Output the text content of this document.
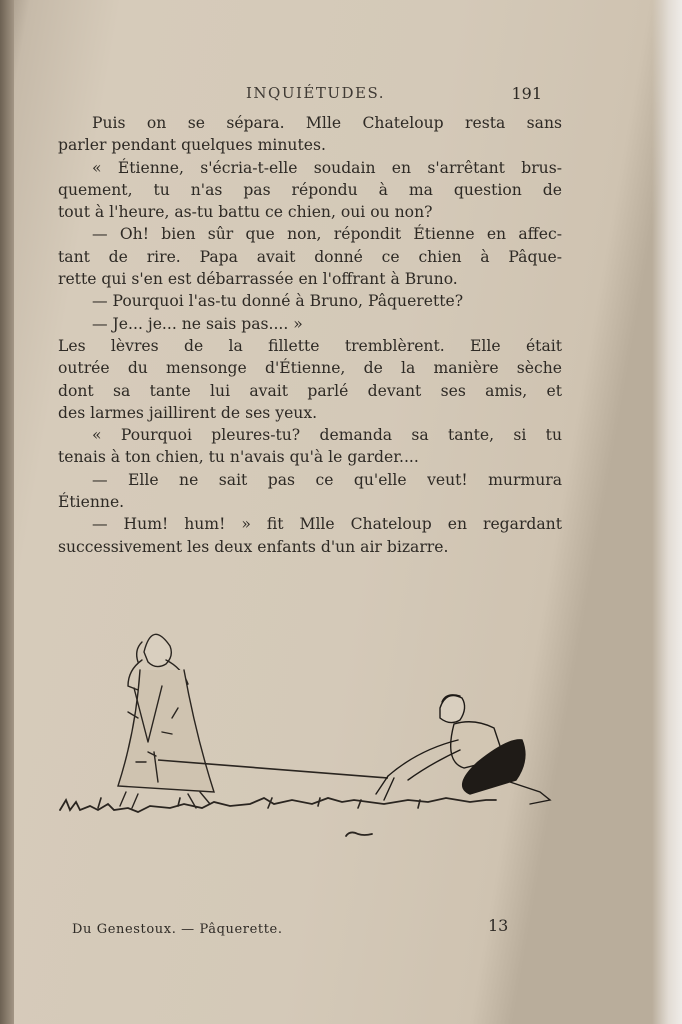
INQUIÉTUDES.	191
Puis on se sépara. Mlle Chateloup resta sans
parler pendant quelques minutes.
« Étienne, s'écria-t-elle soudain en s'arrêtant brus-
quement, tu n'as pas répondu à ma question de
tout à l'heure, as-tu battu ce chien, oui ou non?
— Oh! bien sûr que non, répondit Étienne en affec-
tant de rire. Papa avait donné ce chien à Pâque-
rette qui s'en est débarrassée en l'offrant à Bruno.
— Pourquoi l'as-tu donné à Bruno, Pâquerette?
— Je... je... ne sais pas.... »
Les lèvres de la fillette tremblèrent. Elle était
outrée du mensonge d'Étienne, de la manière sèche
dont sa tante lui avait parlé devant ses amis, et
des larmes jaillirent de ses yeux.
« Pourquoi pleures-tu? demanda sa tante, si tu
tenais à ton chien, tu n'avais qu'à le garder....
— Elle ne sait pas ce qu'elle veut! murmura
Étienne.
— Hum! hum! » fit Mlle Chateloup en regardant
successivement les deux enfants d'un air bizarre.
Du Genestoux. — Pâquerette.	13
